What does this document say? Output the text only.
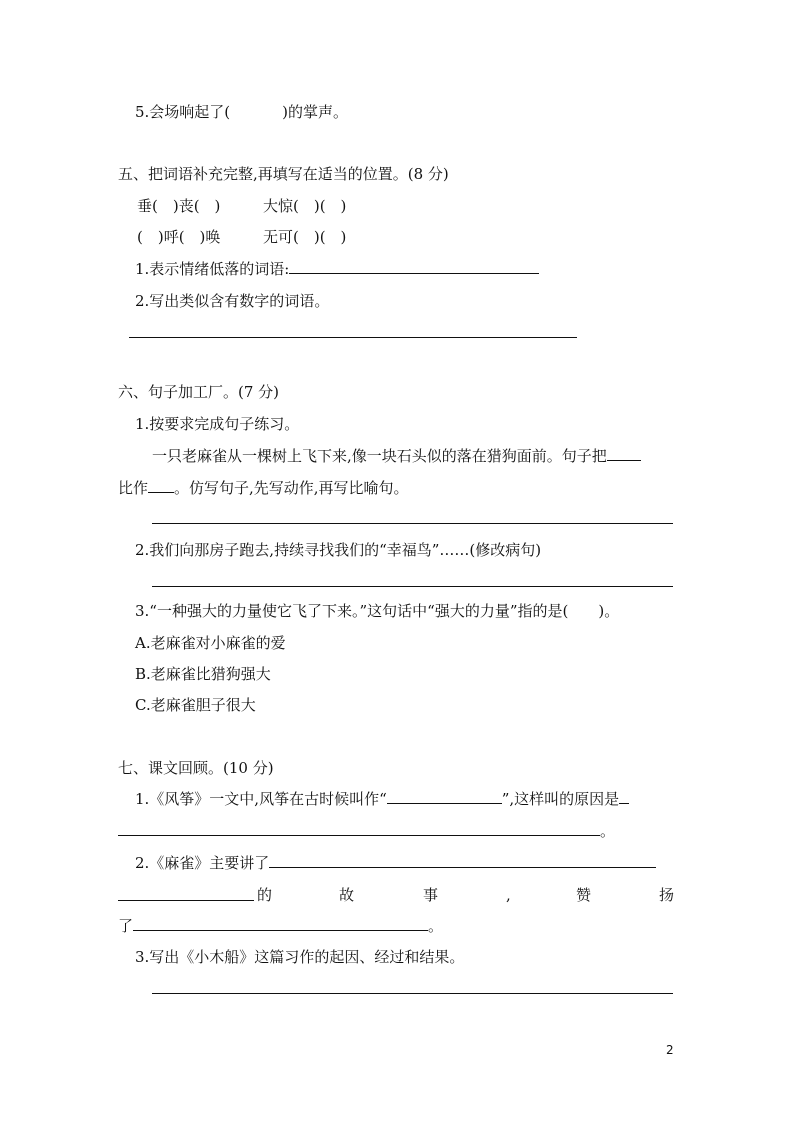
5.会场响起了(	)的掌声。
五、把词语补充完整,再填写在适当的位置。(8 分)
垂(　)丧(　)	大惊(　)(　)
(　)呼(　)唤	无可(　)(　)
1.表示情绪低落的词语:
2.写出类似含有数字的词语。
六、句子加工厂。(7 分)
1.按要求完成句子练习。
一只老麻雀从一棵树上飞下来,像一块石头似的落在猎狗面前。句子把
比作 。仿写句子,先写动作,再写比喻句。
2.我们向那房子跑去,持续寻找我们的“幸福鸟”……(修改病句)
3.“一种强大的力量使它飞了下来。”这句话中“强大的力量”指的是(　　)。
A.老麻雀对小麻雀的爱
B.老麻雀比猎狗强大
C.老麻雀胆子很大
七、课文回顾。(10 分)
1.《风筝》一文中,风筝在古时候叫作“	”,这样叫的原因是
。
2.《麻雀》主要讲了
的	故	事	,	赞	扬
了	。
3.写出《小木船》这篇习作的起因、经过和结果。
2
